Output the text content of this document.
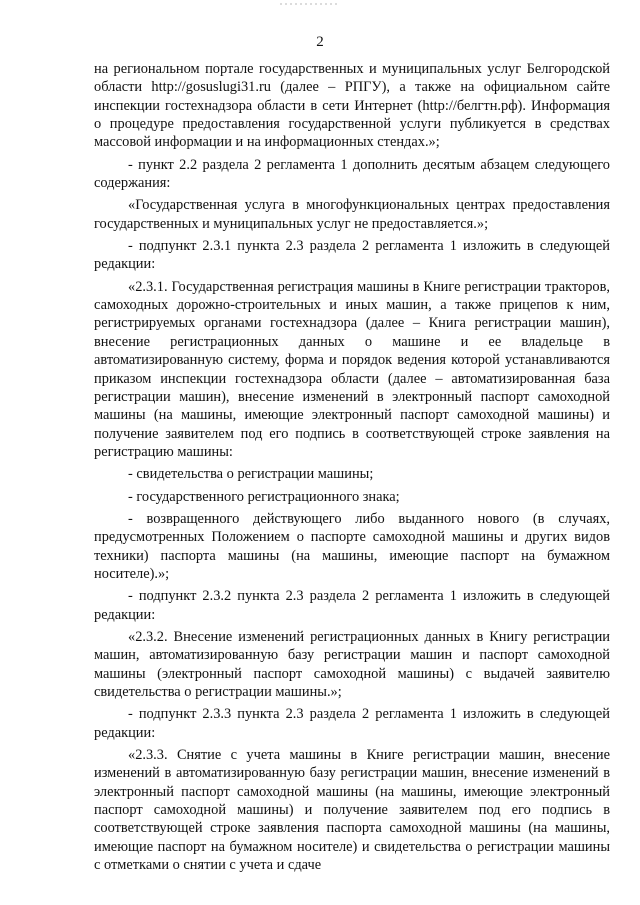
2

на региональном портале государственных и муниципальных услуг Белгородской области http://gosuslugi31.ru (далее – РПГУ), а также на официальном сайте инспекции гостехнадзора области в сети Интернет (http://белгтн.рф). Информация о процедуре предоставления государственной услуги публикуется в средствах массовой информации и на информационных стендах.»;

- пункт 2.2 раздела 2 регламента 1 дополнить десятым абзацем следующего содержания:

«Государственная услуга в многофункциональных центрах предоставления государственных и муниципальных услуг не предоставляется.»;

- подпункт 2.3.1 пункта 2.3 раздела 2 регламента 1 изложить в следующей редакции:

«2.3.1. Государственная регистрация машины в Книге регистрации тракторов, самоходных дорожно-строительных и иных машин, а также прицепов к ним, регистрируемых органами гостехнадзора (далее – Книга регистрации машин), внесение регистрационных данных о машине и ее владельце в автоматизированную систему, форма и порядок ведения которой устанавливаются приказом инспекции гостехнадзора области (далее – автоматизированная база регистрации машин), внесение изменений в электронный паспорт самоходной машины (на машины, имеющие электронный паспорт самоходной машины) и получение заявителем под его подпись в соответствующей строке заявления на регистрацию машины:

- свидетельства о регистрации машины;

- государственного регистрационного знака;

- возвращенного действующего либо выданного нового (в случаях, предусмотренных Положением о паспорте самоходной машины и других видов техники) паспорта машины (на машины, имеющие паспорт на бумажном носителе).»;

- подпункт 2.3.2 пункта 2.3 раздела 2 регламента 1 изложить в следующей редакции:

«2.3.2. Внесение изменений регистрационных данных в Книгу регистрации машин, автоматизированную базу регистрации машин и паспорт самоходной машины (электронный паспорт самоходной машины) с выдачей заявителю свидетельства о регистрации машины.»;

- подпункт 2.3.3 пункта 2.3 раздела 2 регламента 1 изложить в следующей редакции:

«2.3.3. Снятие с учета машины в Книге регистрации машин, внесение изменений в автоматизированную базу регистрации машин, внесение изменений в электронный паспорт самоходной машины (на машины, имеющие электронный паспорт самоходной машины) и получение заявителем под его подпись в соответствующей строке заявления паспорта самоходной машины (на машины, имеющие паспорт на бумажном носителе) и свидетельства о регистрации машины с отметками о снятии с учета и сдаче
